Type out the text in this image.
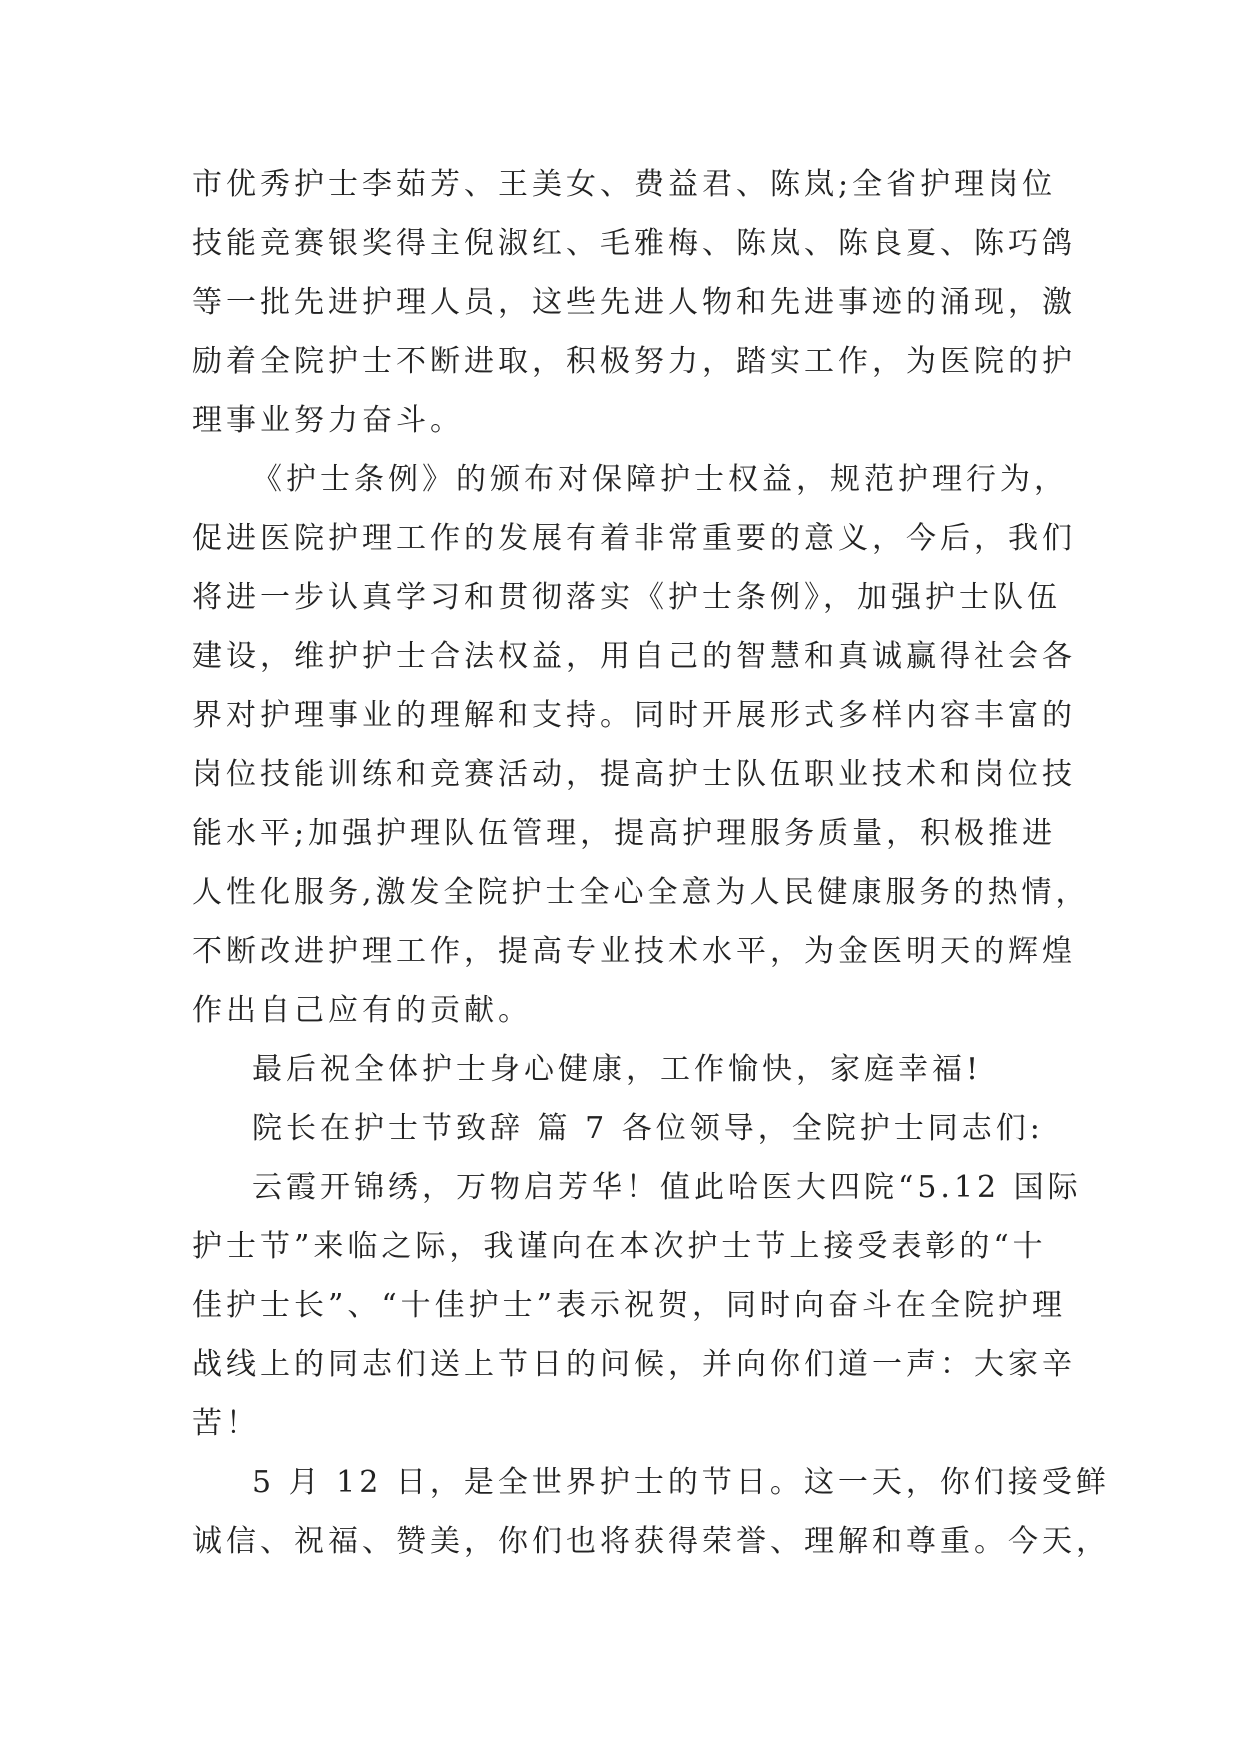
市优秀护士李茹芳、王美女、费益君、陈岚;全省护理岗位
技能竞赛银奖得主倪淑红、毛雅梅、陈岚、陈良夏、陈巧鸽
等一批先进护理人员，这些先进人物和先进事迹的涌现，激
励着全院护士不断进取，积极努力，踏实工作，为医院的护
理事业努力奋斗。
《护士条例》的颁布对保障护士权益，规范护理行为，
促进医院护理工作的发展有着非常重要的意义，今后，我们
将进一步认真学习和贯彻落实《护士条例》，加强护士队伍
建设，维护护士合法权益，用自己的智慧和真诚赢得社会各
界对护理事业的理解和支持。同时开展形式多样内容丰富的
岗位技能训练和竞赛活动，提高护士队伍职业技术和岗位技
能水平;加强护理队伍管理，提高护理服务质量，积极推进
人性化服务,激发全院护士全心全意为人民健康服务的热情，
不断改进护理工作，提高专业技术水平，为金医明天的辉煌
作出自己应有的贡献。
最后祝全体护士身心健康，工作愉快，家庭幸福!
院长在护士节致辞 篇 7 各位领导，全院护士同志们:
云霞开锦绣，万物启芳华！值此哈医大四院“5.12 国际
护士节”来临之际，我谨向在本次护士节上接受表彰的“十
佳护士长”、“十佳护士”表示祝贺，同时向奋斗在全院护理
战线上的同志们送上节日的问候，并向你们道一声：大家辛
苦！
5 月 12 日，是全世界护士的节日。这一天，你们接受鲜
诚信、祝福、赞美，你们也将获得荣誉、理解和尊重。今天，
